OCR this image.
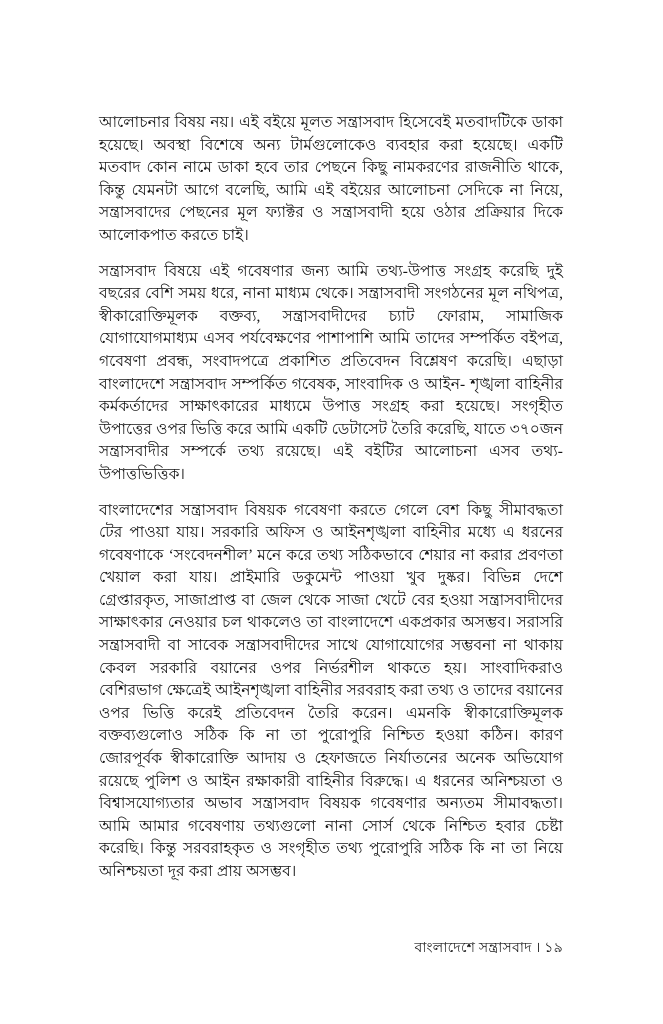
আলোচনার বিষয় নয়। এই বইয়ে মূলত সন্ত্রাসবাদ হিসেবেই মতবাদটিকে ডাকা হয়েছে। অবস্থা বিশেষে অন্য টার্মগুলোকেও ব্যবহার করা হয়েছে। একটি মতবাদ কোন নামে ডাকা হবে তার পেছনে কিছু নামকরণের রাজনীতি থাকে, কিন্তু যেমনটা আগে বলেছি, আমি এই বইয়ের আলোচনা সেদিকে না নিয়ে, সন্ত্রাসবাদের পেছনের মূল ফ্যাক্টর ও সন্ত্রাসবাদী হয়ে ওঠার প্রক্রিয়ার দিকে আলোকপাত করতে চাই।

সন্ত্রাসবাদ বিষয়ে এই গবেষণার জন্য আমি তথ্য-উপাত্ত সংগ্রহ করেছি দুই বছরের বেশি সময় ধরে, নানা মাধ্যম থেকে। সন্ত্রাসবাদী সংগঠনের মূল নথিপত্র, স্বীকারোক্তিমূলক বক্তব্য, সন্ত্রাসবাদীদের চ্যাট ফোরাম, সামাজিক যোগাযোগমাধ্যম এসব পর্যবেক্ষণের পাশাপাশি আমি তাদের সম্পর্কিত বইপত্র, গবেষণা প্রবন্ধ, সংবাদপত্রে প্রকাশিত প্রতিবেদন বিশ্লেষণ করেছি। এছাড়া বাংলাদেশে সন্ত্রাসবাদ সম্পর্কিত গবেষক, সাংবাদিক ও আইন- শৃঙ্খলা বাহিনীর কর্মকর্তাদের সাক্ষাৎকারের মাধ্যমে উপাত্ত সংগ্রহ করা হয়েছে। সংগৃহীত উপাত্তের ওপর ভিত্তি করে আমি একটি ডেটাসেট তৈরি করেছি, যাতে ৩৭০জন সন্ত্রাসবাদীর সম্পর্কে তথ্য রয়েছে। এই বইটির আলোচনা এসব তথ্য-উপাত্তভিত্তিক।

বাংলাদেশের সন্ত্রাসবাদ বিষয়ক গবেষণা করতে গেলে বেশ কিছু সীমাবদ্ধতা টের পাওয়া যায়। সরকারি অফিস ও আইনশৃঙ্খলা বাহিনীর মধ্যে এ ধরনের গবেষণাকে ‘সংবেদনশীল’ মনে করে তথ্য সঠিকভাবে শেয়ার না করার প্রবণতা খেয়াল করা যায়। প্রাইমারি ডকুমেন্ট পাওয়া খুব দুষ্কর। বিভিন্ন দেশে গ্রেপ্তারকৃত, সাজাপ্রাপ্ত বা জেল থেকে সাজা খেটে বের হওয়া সন্ত্রাসবাদীদের সাক্ষাৎকার নেওয়ার চল থাকলেও তা বাংলাদেশে একপ্রকার অসম্ভব। সরাসরি সন্ত্রাসবাদী বা সাবেক সন্ত্রাসবাদীদের সাথে যোগাযোগের সম্ভবনা না থাকায় কেবল সরকারি বয়ানের ওপর নির্ভরশীল থাকতে হয়। সাংবাদিকরাও বেশিরভাগ ক্ষেত্রেই আইনশৃঙ্খলা বাহিনীর সরবরাহ করা তথ্য ও তাদের বয়ানের ওপর ভিত্তি করেই প্রতিবেদন তৈরি করেন। এমনকি স্বীকারোক্তিমূলক বক্তব্যগুলোও সঠিক কি না তা পুরোপুরি নিশ্চিত হওয়া কঠিন। কারণ জোরপূর্বক স্বীকারোক্তি আদায় ও হেফাজতে নির্যাতনের অনেক অভিযোগ রয়েছে পুলিশ ও আইন রক্ষাকারী বাহিনীর বিরুদ্ধে। এ ধরনের অনিশ্চয়তা ও বিশ্বাসযোগ্যতার অভাব সন্ত্রাসবাদ বিষয়ক গবেষণার অন্যতম সীমাবদ্ধতা। আমি আমার গবেষণায় তথ্যগুলো নানা সোর্স থেকে নিশ্চিত হবার চেষ্টা করেছি। কিন্তু সরবরাহকৃত ও সংগৃহীত তথ্য পুরোপুরি সঠিক কি না তা নিয়ে অনিশ্চয়তা দূর করা প্রায় অসম্ভব।

বাংলাদেশে সন্ত্রাসবাদ । ১৯
